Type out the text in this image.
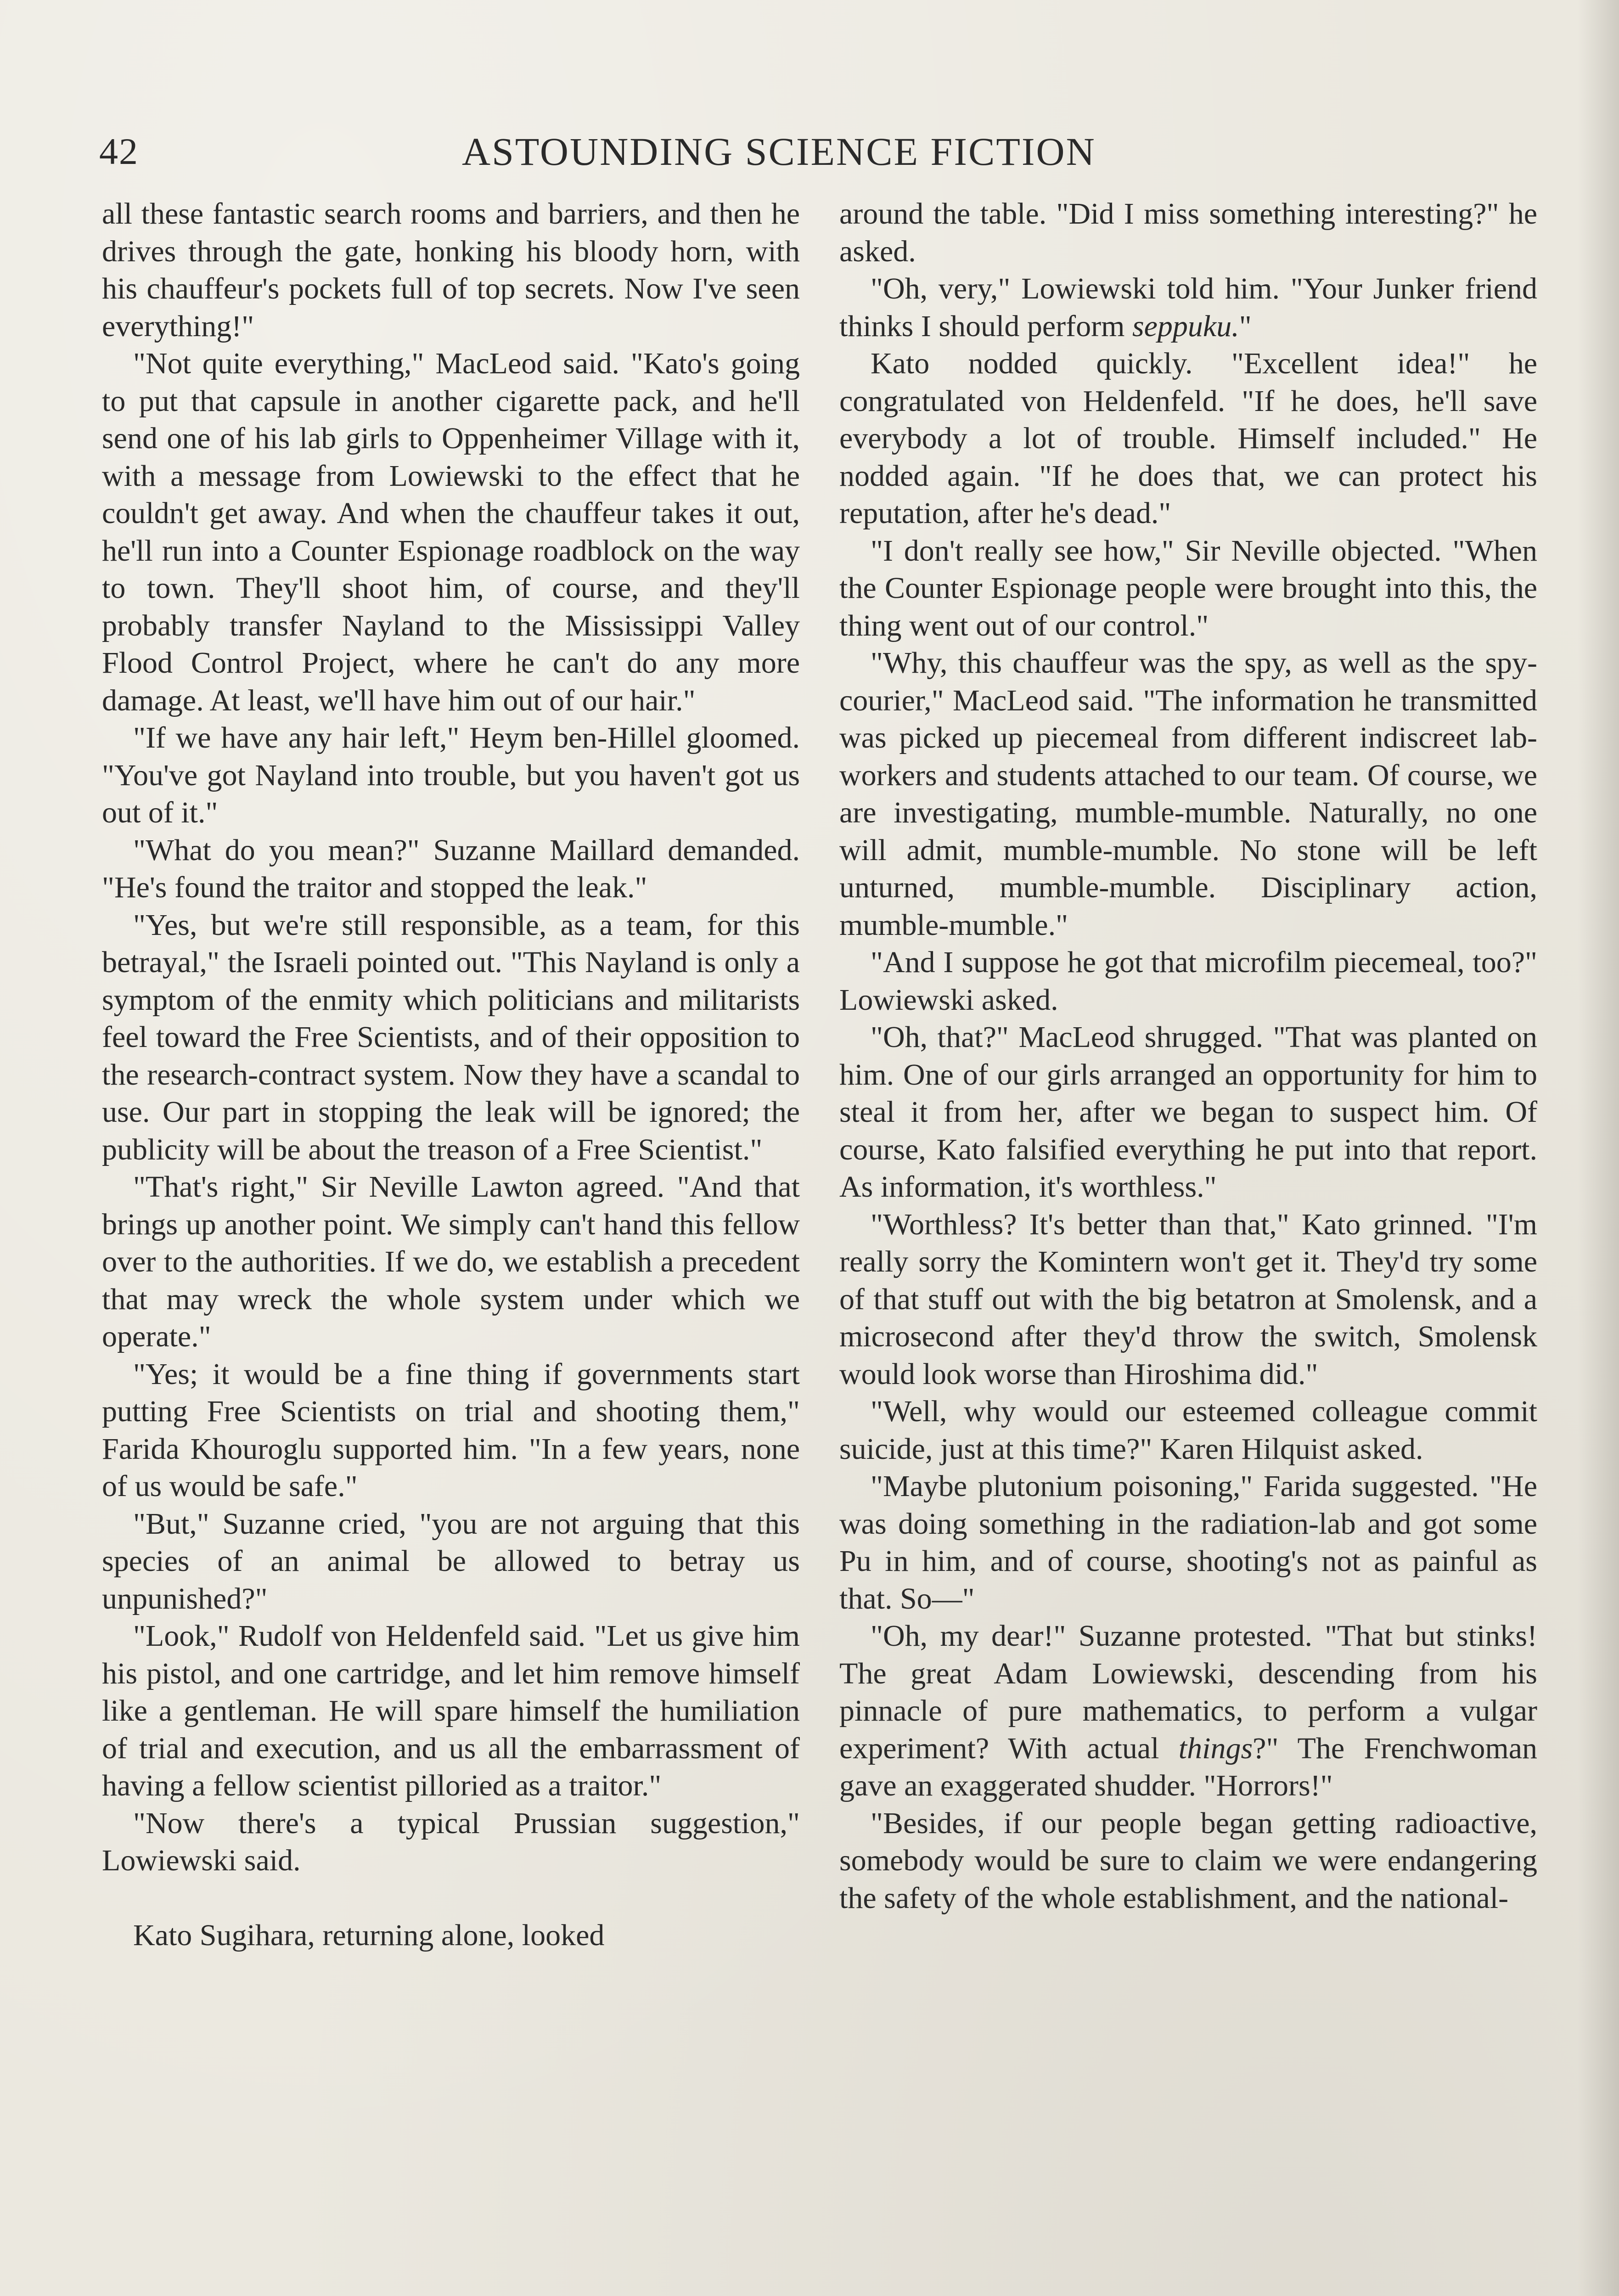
42	ASTOUNDING SCIENCE FICTION

all these fantastic search rooms and barriers, and then he drives through the gate, honking his bloody horn, with his chauffeur's pockets full of top secrets. Now I've seen everything!"

"Not quite everything," MacLeod said. "Kato's going to put that capsule in another cigarette pack, and he'll send one of his lab girls to Oppenheimer Village with it, with a message from Lowiewski to the effect that he couldn't get away. And when the chauffeur takes it out, he'll run into a Counter Espionage roadblock on the way to town. They'll shoot him, of course, and they'll probably transfer Nayland to the Mississippi Valley Flood Control Project, where he can't do any more damage. At least, we'll have him out of our hair."

"If we have any hair left," Heym ben-Hillel gloomed. "You've got Nayland into trouble, but you haven't got us out of it."

"What do you mean?" Suzanne Maillard demanded. "He's found the traitor and stopped the leak."

"Yes, but we're still responsible, as a team, for this betrayal," the Israeli pointed out. "This Nayland is only a symptom of the enmity which politicians and militarists feel toward the Free Scientists, and of their opposition to the research-contract system. Now they have a scandal to use. Our part in stopping the leak will be ignored; the publicity will be about the treason of a Free Scientist."

"That's right," Sir Neville Lawton agreed. "And that brings up another point. We simply can't hand this fellow over to the authorities. If we do, we establish a precedent that may wreck the whole system under which we operate."

"Yes; it would be a fine thing if governments start putting Free Scientists on trial and shooting them," Farida Khouroglu supported him. "In a few years, none of us would be safe."

"But," Suzanne cried, "you are not arguing that this species of an animal be allowed to betray us unpunished?"

"Look," Rudolf von Heldenfeld said. "Let us give him his pistol, and one cartridge, and let him remove himself like a gentleman. He will spare himself the humiliation of trial and execution, and us all the embarrassment of having a fellow scientist pilloried as a traitor."

"Now there's a typical Prussian suggestion," Lowiewski said.

Kato Sugihara, returning alone, looked

around the table. "Did I miss something interesting?" he asked.

"Oh, very," Lowiewski told him. "Your Junker friend thinks I should perform seppuku."

Kato nodded quickly. "Excellent idea!" he congratulated von Heldenfeld. "If he does, he'll save everybody a lot of trouble. Himself included." He nodded again. "If he does that, we can protect his reputation, after he's dead."

"I don't really see how," Sir Neville objected. "When the Counter Espionage people were brought into this, the thing went out of our control."

"Why, this chauffeur was the spy, as well as the spy-courier," MacLeod said. "The information he transmitted was picked up piecemeal from different indiscreet lab-workers and students attached to our team. Of course, we are investigating, mumble-mumble. Naturally, no one will admit, mumble-mumble. No stone will be left unturned, mumble-mumble. Disciplinary action, mumble-mumble."

"And I suppose he got that microfilm piecemeal, too?" Lowiewski asked.

"Oh, that?" MacLeod shrugged. "That was planted on him. One of our girls arranged an opportunity for him to steal it from her, after we began to suspect him. Of course, Kato falsified everything he put into that report. As information, it's worthless."

"Worthless? It's better than that," Kato grinned. "I'm really sorry the Komintern won't get it. They'd try some of that stuff out with the big betatron at Smolensk, and a microsecond after they'd throw the switch, Smolensk would look worse than Hiroshima did."

"Well, why would our esteemed colleague commit suicide, just at this time?" Karen Hilquist asked.

"Maybe plutonium poisoning," Farida suggested. "He was doing something in the radiation-lab and got some Pu in him, and of course, shooting's not as painful as that. So—"

"Oh, my dear!" Suzanne protested. "That but stinks! The great Adam Lowiewski, descending from his pinnacle of pure mathematics, to perform a vulgar experiment? With actual things?" The Frenchwoman gave an exaggerated shudder. "Horrors!"

"Besides, if our people began getting radioactive, somebody would be sure to claim we were endangering the safety of the whole establishment, and the national-
